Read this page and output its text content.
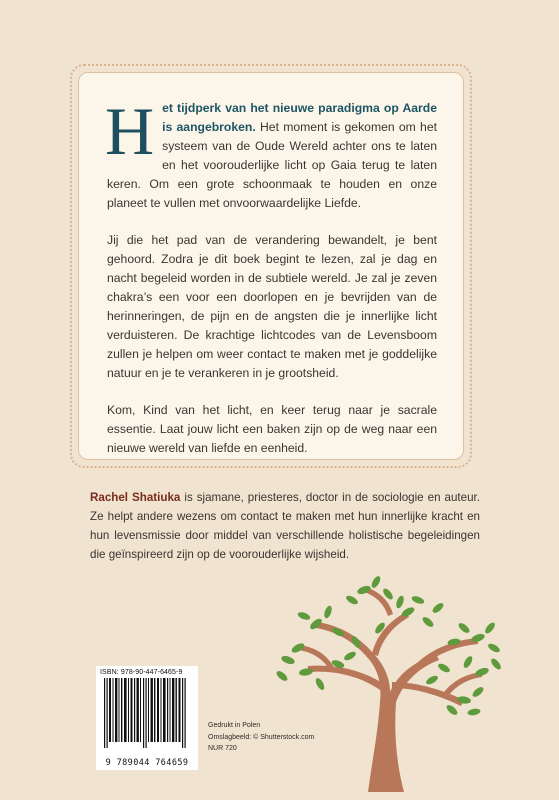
Het tijdperk van het nieuwe paradigma op Aarde is aangebroken. Het moment is gekomen om het systeem van de Oude Wereld achter ons te laten en het voorouderlijke licht op Gaia terug te laten keren. Om een grote schoonmaak te houden en onze planeet te vullen met onvoorwaardelijke Liefde.

Jij die het pad van de verandering bewandelt, je bent gehoord. Zodra je dit boek begint te lezen, zal je dag en nacht begeleid worden in de subtiele wereld. Je zal je zeven chakra’s een voor een doorlopen en je bevrijden van de herinneringen, de pijn en de angsten die je innerlijke licht verduisteren. De krachtige lichtcodes van de Levensboom zullen je helpen om weer contact te maken met je goddelijke natuur en je te verankeren in je grootsheid.

Kom, Kind van het licht, en keer terug naar je sacrale essentie. Laat jouw licht een baken zijn op de weg naar een nieuwe wereld van liefde en eenheid.

Rachel Shatiuka is sjamane, priesteres, doctor in de sociologie en auteur. Ze helpt andere wezens om contact te maken met hun innerlijke kracht en hun levensmissie door middel van verschillende holistische begeleidingen die geïnspireerd zijn op de voorouderlijke wijsheid.

ISBN: 978-90-447-6465-9
9 789044 764659
Gedrukt in Polen
Omslagbeeld: © Shutterstock.com
NUR 720
